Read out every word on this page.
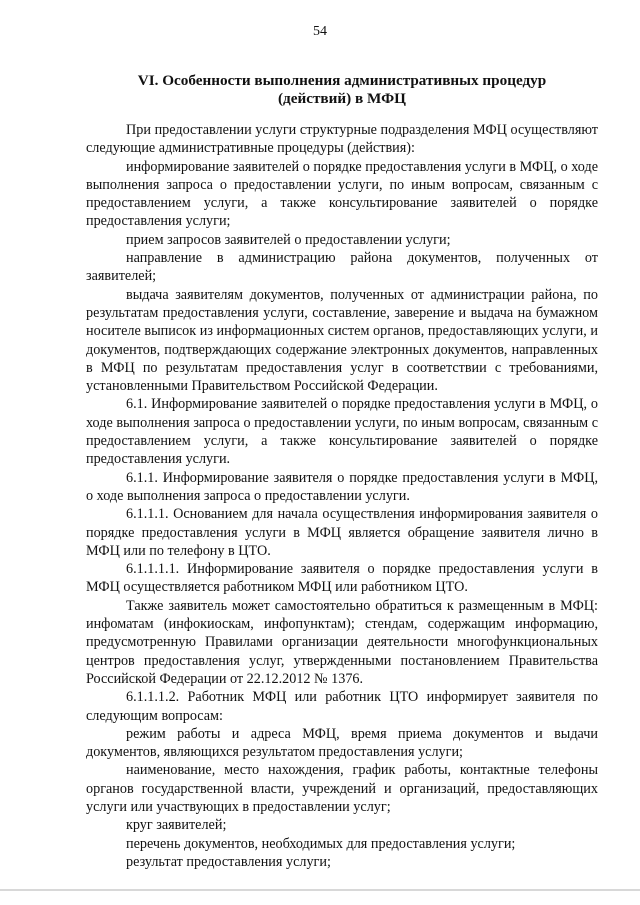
54
VI. Особенности выполнения административных процедур
(действий) в МФЦ

При предоставлении услуги структурные подразделения МФЦ осуществляют следующие административные процедуры (действия):

информирование заявителей о порядке предоставления услуги в МФЦ, о ходе выполнения запроса о предоставлении услуги, по иным вопросам, связанным с предоставлением услуги, а также консультирование заявителей о порядке предоставления услуги;

прием запросов заявителей о предоставлении услуги;

направление в администрацию района документов, полученных от заявителей;

выдача заявителям документов, полученных от администрации района, по результатам предоставления услуги, составление, заверение и выдача на бумажном носителе выписок из информационных систем органов, предоставляющих услуги, и документов, подтверждающих содержание электронных документов, направленных в МФЦ по результатам предоставления услуг в соответствии с требованиями, установленными Правительством Российской Федерации.

6.1. Информирование заявителей о порядке предоставления услуги в МФЦ, о ходе выполнения запроса о предоставлении услуги, по иным вопросам, связанным с предоставлением услуги, а также консультирование заявителей о порядке предоставления услуги.

6.1.1. Информирование заявителя о порядке предоставления услуги в МФЦ, о ходе выполнения запроса о предоставлении услуги.

6.1.1.1. Основанием для начала осуществления информирования заявителя о порядке предоставления услуги в МФЦ является обращение заявителя лично в МФЦ или по телефону в ЦТО.

6.1.1.1.1. Информирование заявителя о порядке предоставления услуги в МФЦ осуществляется работником МФЦ или работником ЦТО.

Также заявитель может самостоятельно обратиться к размещенным в МФЦ: инфоматам (инфокиоскам, инфопунктам); стендам, содержащим информацию, предусмотренную Правилами организации деятельности многофункциональных центров предоставления услуг, утвержденными постановлением Правительства Российской Федерации от 22.12.2012 № 1376.

6.1.1.1.2. Работник МФЦ или работник ЦТО информирует заявителя по следующим вопросам:

режим работы и адреса МФЦ, время приема документов и выдачи документов, являющихся результатом предоставления услуги;

наименование, место нахождения, график работы, контактные телефоны органов государственной власти, учреждений и организаций, предоставляющих услуги или участвующих в предоставлении услуг;

круг заявителей;

перечень документов, необходимых для предоставления услуги;

результат предоставления услуги;
